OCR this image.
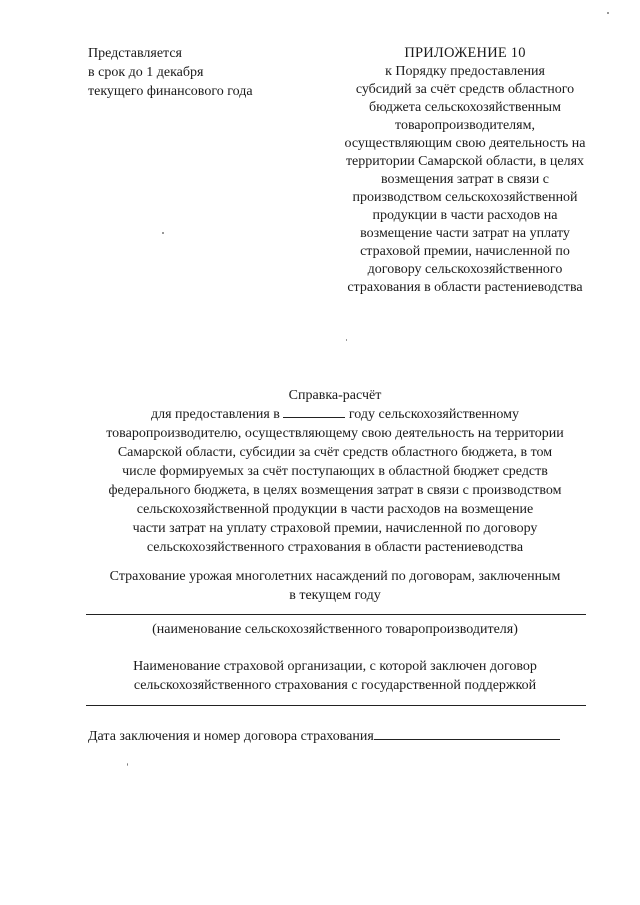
Представляется
в срок до 1 декабря
текущего финансового года
ПРИЛОЖЕНИЕ 10
к Порядку предоставления
субсидий за счёт средств областного
бюджета сельскохозяйственным
товаропроизводителям,
осуществляющим свою деятельность на
территории Самарской области, в целях
возмещения затрат в связи с
производством сельскохозяйственной
продукции в части расходов на
возмещение части затрат на уплату
страховой премии, начисленной по
договору сельскохозяйственного
страхования в области растениеводства
Справка-расчёт
для предоставления в	году сельскохозяйственному
товаропроизводителю, осуществляющему свою деятельность на территории
Самарской области, субсидии за счёт средств областного бюджета, в том
числе формируемых за счёт поступающих в областной бюджет средств
федерального бюджета, в целях возмещения затрат в связи с производством
сельскохозяйственной продукции в части расходов на возмещение
части затрат на уплату страховой премии, начисленной по договору
сельскохозяйственного страхования в области растениеводства
Страхование урожая многолетних насаждений по договорам, заключенным
в текущем году
(наименование сельскохозяйственного товаропроизводителя)
Наименование страховой организации, с которой заключен договор
сельскохозяйственного страхования с государственной поддержкой
Дата заключения и номер договора страхования
